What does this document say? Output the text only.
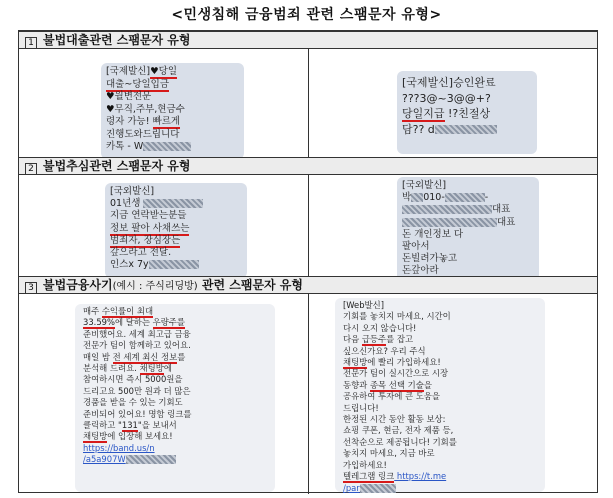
<민생침해 금융범죄 관련 스팸문자 유형>
1 불법대출관련 스팸문자 유형
[국제발신]♥당일
대출~당일입금
♥월변전문
♥무직,주부,현금수
령자 가능! 빠르게
진행도와드립니다
카톡 - W
[국제발신]승인완료
???3@~3@@+?
당일지급 !?친절상
담?? d
2 불법추심관련 스팸문자 유형
[국외발신]
01년생
지금 연락받는분들
정보 팔아 사채쓰는
범죄자, 장심장든
갚으라고 전달.
인스x 7y
[국외발신]
박 010-	-
대표
대표
돈 개인정보 다
팔아서
돈빌려가놓고
돈갚아라
3 불법금융사기(예시 : 주식리딩방) 관련 스팸문자 유형
매주 수익률이 최대
33.59%에 달하는 우량주를
준비했어요. 세계 최고급 금융
전문가 팀이 함께하고 있어요.
매일 밤 전 세계 최신 정보를
분석해 드려요. 채팅방에
참여하시면 즉시 5000원을
드리고요 500만 원과 더 많은
경품을 받을 수 있는 기회도
준비되어 있어요! 명함 링크를
클릭하고 "131"을 보내서
채팅방에 입장해 보세요!
https://band.us/n
/a5a907W
[Web발신]
기회를 놓치지 마세요, 시간이
다시 오지 않습니다!
다음 급등주를 잡고
싶으신가요? 우리 주식
채팅방에 빨리 가입하세요!
전문가 팀이 실시간으로 시장
동향과 종목 선택 기술을
공유하여 투자에 큰 도움을
드립니다!
한정된 시간 동안 활동 보상:
쇼핑 쿠폰, 현금, 전자 제품 등,
선착순으로 제공됩니다! 기회를
놓치지 마세요, 지금 바로
가입하세요!
텔레그램 링크 https://t.me
/par
